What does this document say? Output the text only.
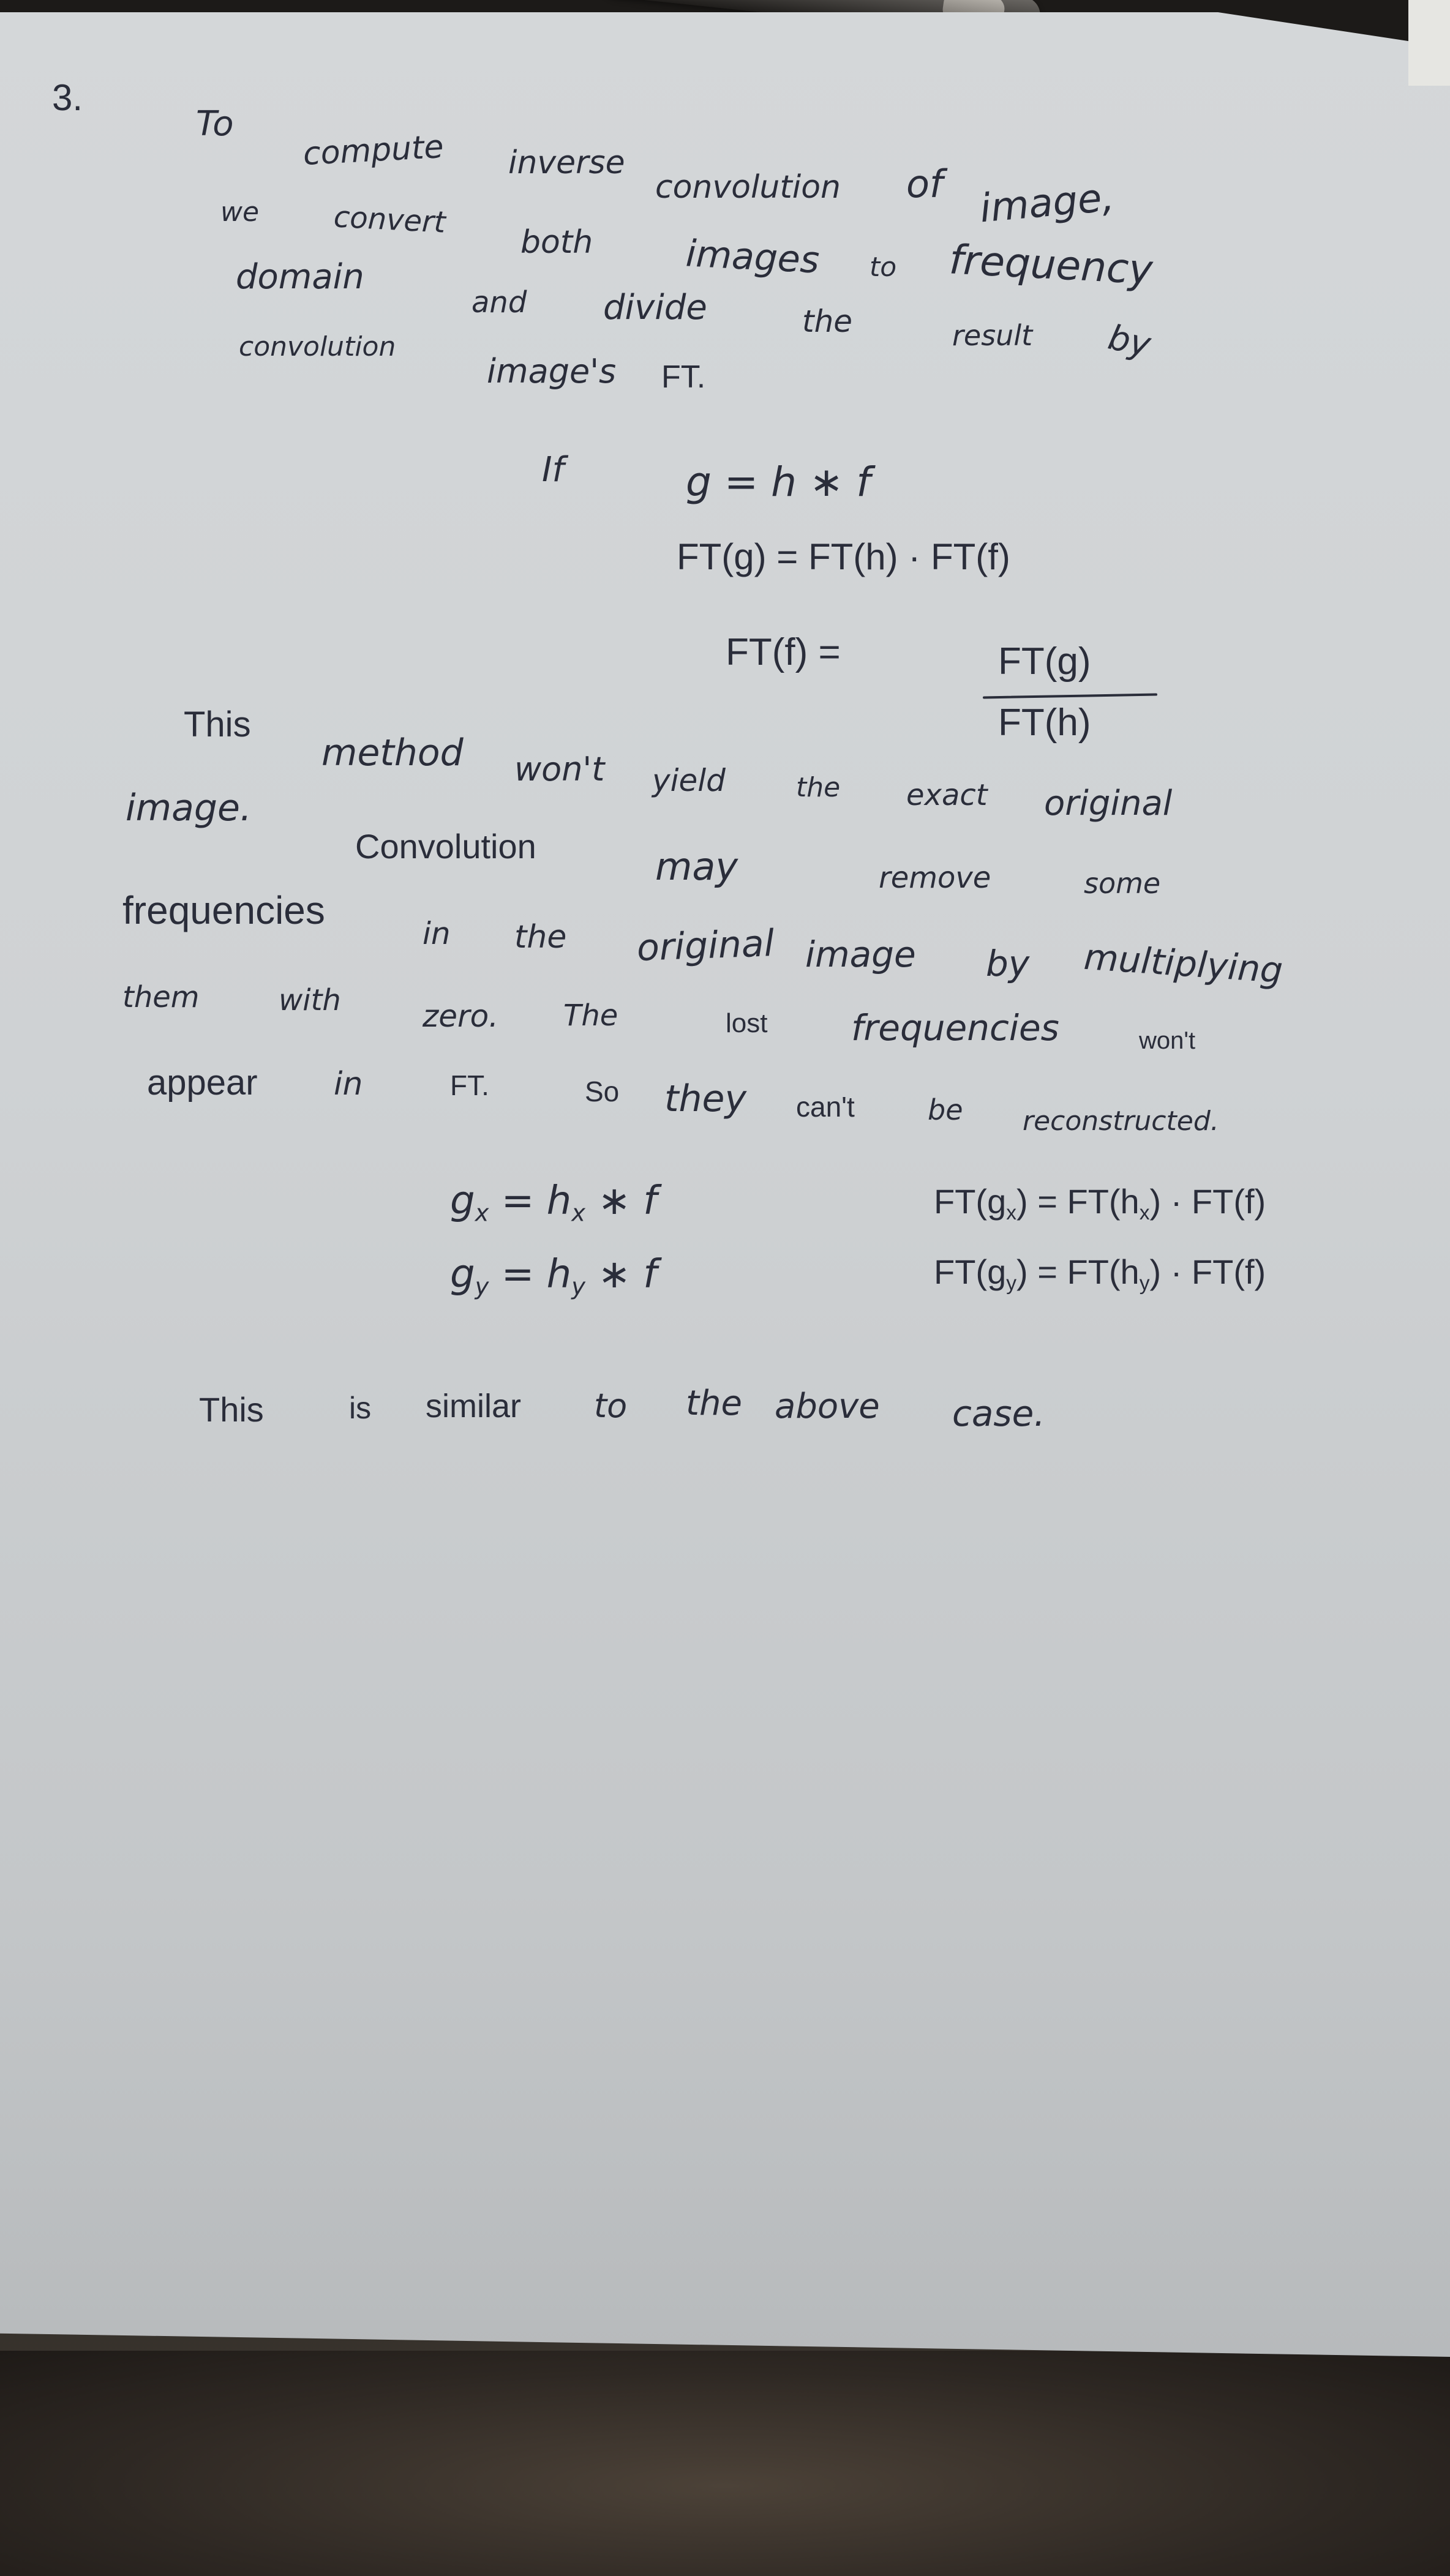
3.
To
compute inverse
convolution of image,
we	convert
both	images to frequency
domain
and divide	the	result by
convolution
image's FT.
If	g = h ∗ f
FT(g) = FT(h) · FT(f)
FT(f) =	FT(g)
FT(h)
This
method won't yield	the exact original
image.
Convolution	may	remove	some
frequencies
in the original image by multiplying
them	with	zero. The	lost frequencies	won't
appear in	FT.	So they can't	be reconstructed.
$g_x = h_x$ ∗ f
$g_y = h_y$ ∗ f
$FT(g_x) = FT(h_x) \cdot FT(f)$
$FT(g_y) = FT(h_y) \cdot FT(f)$
This	is similar to the above case.
